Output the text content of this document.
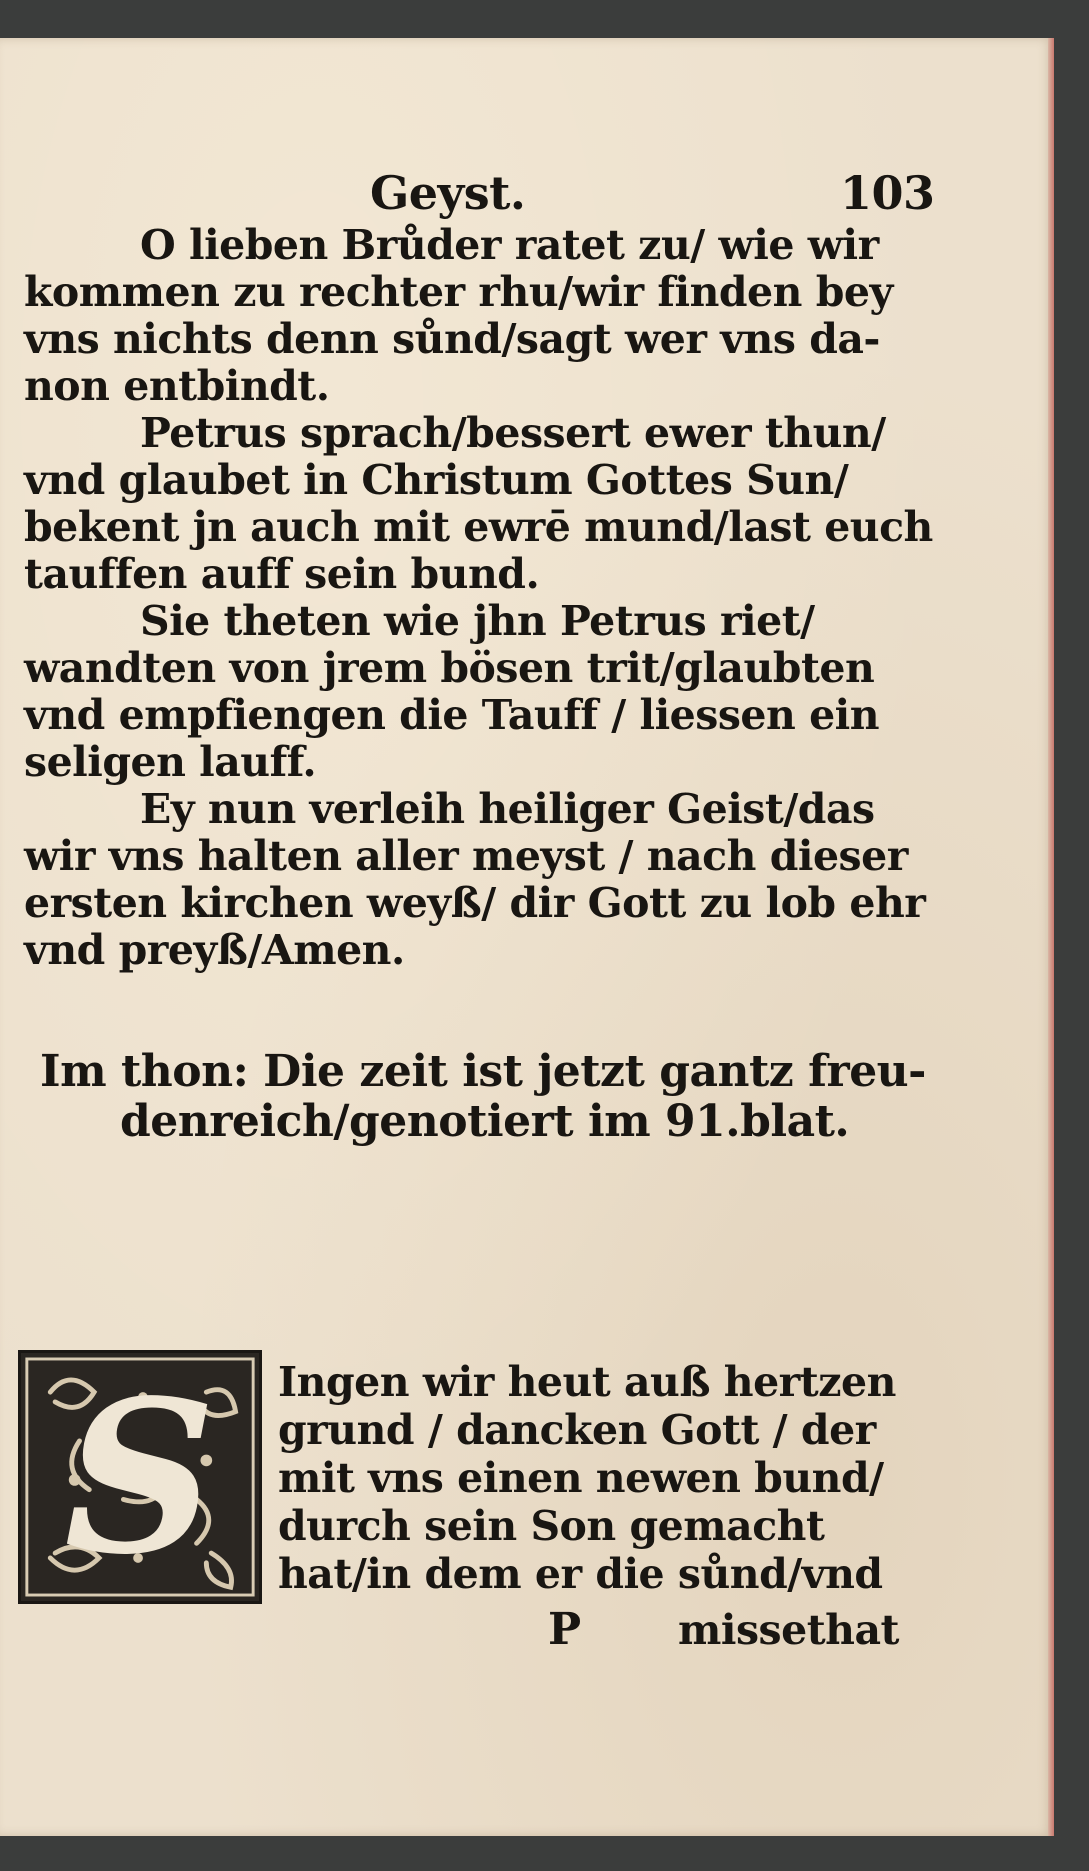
Geyst.	103
O lieben Brůder ratet zu/ wie wir
kommen zu rechter rhu/wir finden bey
vns nichts denn sůnd/sagt wer vns da-
non entbindt.
Petrus sprach/bessert ewer thun/
vnd glaubet in Christum Gottes Sun/
bekent jn auch mit ewrē mund/last euch
tauffen auff sein bund.
Sie theten wie jhn Petrus riet/
wandten von jrem bösen trit/glaubten
vnd empfiengen die Tauff / liessen ein
seligen lauff.
Ey nun verleih heiliger Geist/das
wir vns halten aller meyst / nach dieser
ersten kirchen weyß/ dir Gott zu lob ehr
vnd preyß/Amen.
Im thon: Die zeit ist jetzt gantz freu-
denreich/genotiert im 91.blat.
S	Ingen wir heut auß hertzen
grund / dancken Gott / der
mit vns einen newen bund/
durch sein Son gemacht
hat/in dem er die sůnd/vnd
P missethat
